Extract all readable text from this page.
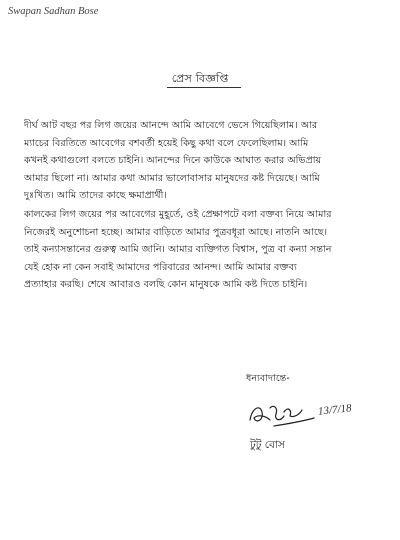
Swapan Sadhan Bose
প্রেস বিজ্ঞপ্তি

দীর্ঘ আট বছর পর লিগ জয়ের আনন্দে আমি আবেগে ভেসে গিয়েছিলাম। আর
ম্যাচের বিরতিতে আবেগের বশবর্তী হয়েই কিছু কথা বলে ফেলেছিলাম। আমি
কখনই কথাগুলো বলতে চাইনি। আনন্দের দিনে কাউকে আঘাত করার অভিপ্রায়
আমার ছিলো না। আমার কথা আমার ভালোবাসার মানুষদের কষ্ট দিয়েছে। আমি
দুঃখিত। আমি তাদের কাছে ক্ষমাপ্রার্থী।

কালকের লিগ জয়ের পর আবেগের মুহূর্তে, ওই প্রেক্ষাপটে বলা বক্তব্য নিয়ে আমার
নিজেরই অনুশোচনা হচ্ছে। আমার বাড়িতে আমার পুত্রবধূরা আছে। নাতনি আছে।
তাই কন্যাসন্তানের গুরুত্ব আমি জানি। আমার ব্যক্তিগত বিশ্বাস, পুত্র বা কন্যা সন্তান
যেই হোক না কেন সবাই আমাদের পরিবারের আনন্দ। আমি আমার বক্তব্য
প্রত্যাহার করছি। শেষে আবারও বলছি কোন মানুষকে আমি কষ্ট দিতে চাইনি।

ধন্যবাদান্তে-
13/7/18
টুটু বোস
